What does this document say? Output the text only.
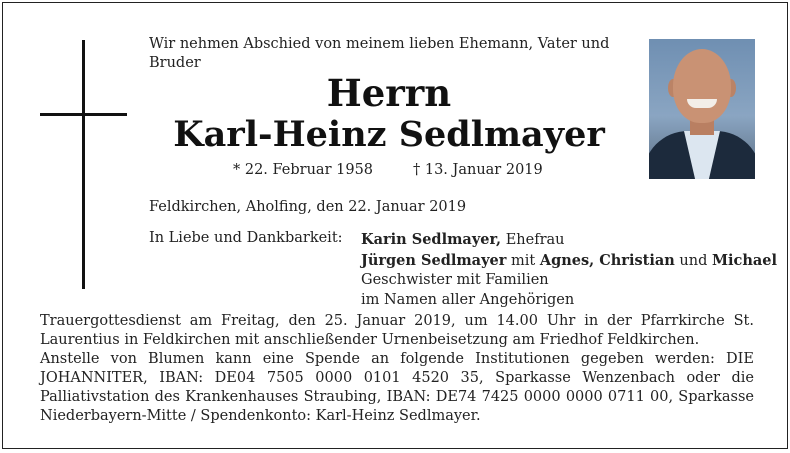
Wir nehmen Abschied von meinem lieben Ehemann, Vater und Bruder
Herrn
Karl-Heinz Sedlmayer
* 22. Februar 1958	† 13. Januar 2019
Feldkirchen, Aholfing, den 22. Januar 2019
In Liebe und Dankbarkeit: Karin Sedlmayer, Ehefrau
Jürgen Sedlmayer mit Agnes, Christian und Michael
Geschwister mit Familien
im Namen aller Angehörigen

Trauergottesdienst am Freitag, den 25. Januar 2019, um 14.00 Uhr in der Pfarrkirche St. Laurentius in Feldkirchen mit anschließender Urnenbeisetzung am Friedhof Feldkirchen.

Anstelle von Blumen kann eine Spende an folgende Institutionen gegeben werden: DIE JOHANNITER, IBAN: DE04 7505 0000 0101 4520 35, Sparkasse Wenzenbach oder die Palliativstation des Krankenhauses Straubing, IBAN: DE74 7425 0000 0000 0711 00, Sparkasse Niederbayern-Mitte / Spendenkonto: Karl-Heinz Sedlmayer.
